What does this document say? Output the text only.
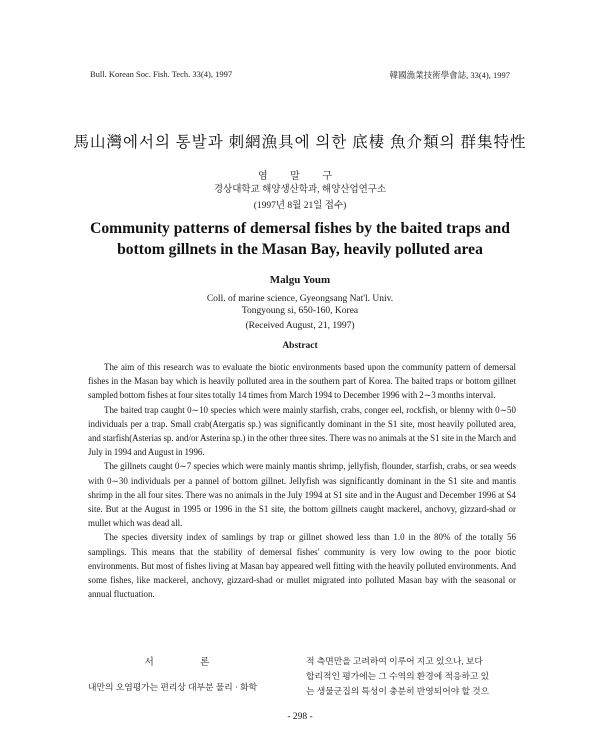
Bull. Korean Soc. Fish. Tech. 33(4), 1997	韓國漁業技術學會誌, 33(4), 1997
馬山灣에서의 통발과 刺網漁具에 의한 底棲 魚介類의 群集特性
염 말 구
경상대학교 해양생산학과, 해양산업연구소
(1997년 8월 21일 접수)
Community patterns of demersal fishes by the baited traps and
bottom gillnets in the Masan Bay, heavily polluted area
Malgu Youm
Coll. of marine science, Gyeongsang Nat'l. Univ.
Tongyoung si, 650-160, Korea
(Received August, 21, 1997)
Abstract

The aim of this research was to evaluate the biotic environments based upon the community pattern of demersal fishes in the Masan bay which is heavily polluted area in the southern part of Korea. The baited traps or bottom gillnet sampled bottom fishes at four sites totally 14 times from March 1994 to December 1996 with 2∼3 months interval.

The baited trap caught 0∼10 species which were mainly starfish, crabs, conger eel, rockfish, or blenny with 0∼50 individuals per a trap. Small crab(Atergatis sp.) was significantly dominant in the S1 site, most heavily polluted area, and starfish(Asterias sp. and/or Asterina sp.) in the other three sites. There was no animals at the S1 site in the March and July in 1994 and August in 1996.

The gillnets caught 0∼7 species which were mainly mantis shrimp, jellyfish, flounder, starfish, crabs, or sea weeds with 0∼30 individuals per a pannel of bottom gillnet. Jellyfish was significantly dominant in the S1 site and mantis shrimp in the all four sites. There was no animals in the July 1994 at S1 site and in the August and December 1996 at S4 site. But at the August in 1995 or 1996 in the S1 site, the bottom gillnets caught mackerel, anchovy, gizzard-shad or mullet which was dead all.

The species diversity index of samlings by trap or gillnet showed less than 1.0 in the 80% of the totally 56 samplings. This means that the stability of demersal fishes' community is very low owing to the poor biotic environments. But most of fishes living at Masan bay appeared well fitting with the heavily polluted environments. And some fishes, like mackerel, anchovy, gizzard-shad or mullet migrated into polluted Masan bay with the seasonal or annual fluctuation.

서 론
내만의 오염평가는 편리상 대부분 물리 · 화학

적 측면만을 고려하여 이루어 지고 있으나, 보다

합리적인 평가에는 그 수역의 환경에 적응하고 있

는 생물군집의 특성이 충분히 반영되어야 할 것으

- 298 -
